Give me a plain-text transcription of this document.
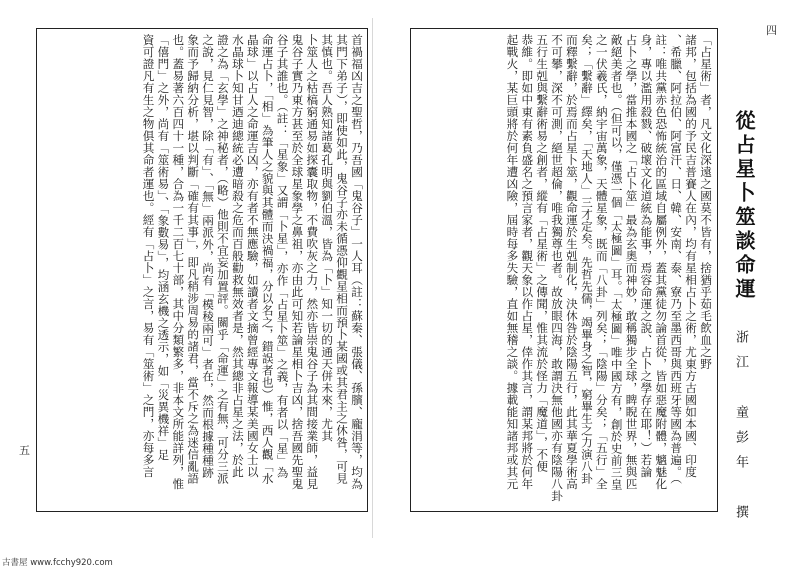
「占星術」者，凡文化深遠之國莫不皆有，捨猶乎茹毛飲血之野
諸邦，包括為國的予民吉普賽人在內，均有星相占卜之術，尤東方古國如本國、印度
、希臘、阿拉伯、阿富汗、日、韓、安南、泰、寮乃至墨西哥與西班牙等國為普遍。（
註：唯共黨赤色恐怖統治的區域自屬例外，蓋其黨徒勿論首從，皆如惡魔附體，魑魅化
身，專以濫用殺戮、破壞文化道統為能事，焉容命運之說、占卜之學存在耶！）若論
占卜之學，當推本國之「占卜筮」最為玄奧而神妙，敢稱獨步全球，睥睨世界，無與匹
敵絕美者也。（但可以，僅憑一個「太極圖」耳。「太極圖」唯中國方有，創於史前三皇
之一伏羲氏，納宇宙萬象，天體星象，既而「八卦」列矣；「陰陽」分矣；「五行」全
矣；「繫辭」繹矣，「天地人」三才定矣。先哲先儒，竭畢身之智，窮畢生之力演八卦
而釋繫辭，於焉而占星卜筮，觀命運於生剋制化，決休咎於陰陽五行，此其華夏學術高
不可攀，深不可測，絕世超倫，唯我獨尊也者。故放眼四海，敢謂決無他國亦有陰陽八卦
五行生剋與繫辭術易之創者，縱有「占星術」之傳聞，惟其流於怪力「魔道」，不便
恭維。即如中東有素負盛名之預言家者，觀天象以作占星，倖作其言，謂某邦將於何年
起戰火，某巨頭將於何年遭凶險，屆時每多失驗，直如無稽之談。據載能知諸邦或其元	從占星卜筮談命運
浙江　童彭年　撰
四
首禍福凶吉之聖哲，乃吾國「鬼谷子」一人耳（註：蘇秦、張儀、孫臏、龐涓等，均為
其門下弟子），即使如此，鬼谷子亦未循憑仰觀星相而預卜某國或其君主之休咎，可見
其慎也。吾人熟知諸葛孔明與劉伯溫，皆為「卜」知一切的通天併未來，尤其
卜筮人之枯槁窮通易如探囊取物，不費吹灰之力，然亦皆崇鬼谷子為其間接業師，益見
鬼谷子實乃東方甚至於全球星象學之鼻祖，亦由此可知若論星相卜吉凶，捨吾國先聖鬼
谷子其誰也。（註：「星象」又謂「卜星」，亦作「占星卜筮」之義，有者以「星」為
命運占卜，「相」為筆人之貌與其體而決禍福，分以名之，錯誤者也）惟，西人觀「水
晶球」以占人之命運吉凶，亦有者不無應驗，如讀者文摘曾經專文報導某美國女士以
水晶球卜知甘迺迪總統必遭暗殺之危而百般勸救無效者是，然其總非占星之法，於此
證之為「玄學」之神秘者，（略）他則不宜妄加置評。關乎「命運」之有無，可分三派
之說，見仁見智，除「有」、「無」兩派外，尚有「模稜兩可」者在，然而根據種種跡
象而予歸納分析，堪以判斷「確有其事」，即凡稍涉周易的諸君，當不斥之為迷信亂語
也。蓋易著六百四十一種，合為一千二百七十部，其中分類繁多，非本文所能詳列，惟
「僖門」之外，尚有「筮術易」、「象數易」，均涵玄機之透示，如「災異機祥」足
資可證凡有生之物俱其命者運也。經有「占卜」之言，易有「筮術」之門，亦每多言
五
古書屋 www.fcchy920.com
